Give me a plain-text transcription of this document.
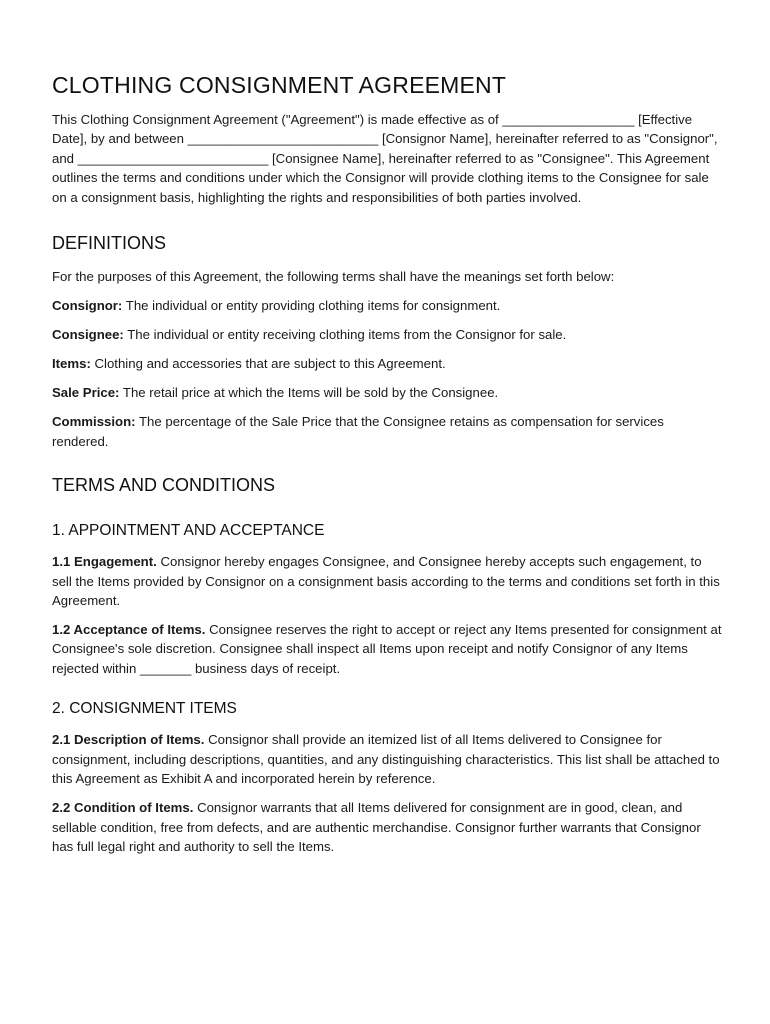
CLOTHING CONSIGNMENT AGREEMENT

This Clothing Consignment Agreement ("Agreement") is made effective as of __________________ [Effective Date], by and between __________________________ [Consignor Name], hereinafter referred to as "Consignor", and __________________________ [Consignee Name], hereinafter referred to as "Consignee". This Agreement outlines the terms and conditions under which the Consignor will provide clothing items to the Consignee for sale on a consignment basis, highlighting the rights and responsibilities of both parties involved.

DEFINITIONS

For the purposes of this Agreement, the following terms shall have the meanings set forth below:

Consignor: The individual or entity providing clothing items for consignment.

Consignee: The individual or entity receiving clothing items from the Consignor for sale.

Items: Clothing and accessories that are subject to this Agreement.

Sale Price: The retail price at which the Items will be sold by the Consignee.

Commission: The percentage of the Sale Price that the Consignee retains as compensation for services rendered.

TERMS AND CONDITIONS
1. APPOINTMENT AND ACCEPTANCE

1.1 Engagement. Consignor hereby engages Consignee, and Consignee hereby accepts such engagement, to sell the Items provided by Consignor on a consignment basis according to the terms and conditions set forth in this Agreement.

1.2 Acceptance of Items. Consignee reserves the right to accept or reject any Items presented for consignment at Consignee's sole discretion. Consignee shall inspect all Items upon receipt and notify Consignor of any Items rejected within _______ business days of receipt.

2. CONSIGNMENT ITEMS

2.1 Description of Items. Consignor shall provide an itemized list of all Items delivered to Consignee for consignment, including descriptions, quantities, and any distinguishing characteristics. This list shall be attached to this Agreement as Exhibit A and incorporated herein by reference.

2.2 Condition of Items. Consignor warrants that all Items delivered for consignment are in good, clean, and sellable condition, free from defects, and are authentic merchandise. Consignor further warrants that Consignor has full legal right and authority to sell the Items.
